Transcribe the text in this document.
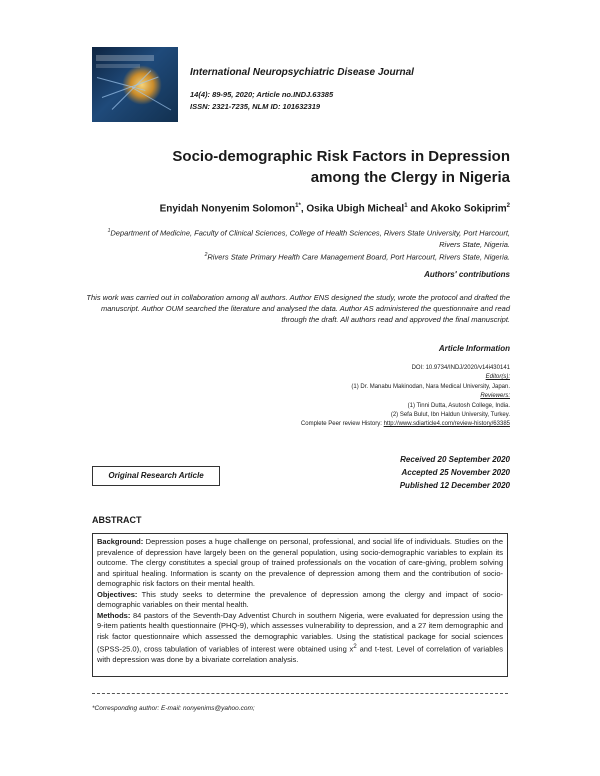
International Neuropsychiatric Disease Journal
14(4): 89-95, 2020; Article no.INDJ.63385
ISSN: 2321-7235, NLM ID: 101632319
Socio-demographic Risk Factors in Depression
among the Clergy in Nigeria
Enyidah Nonyenim Solomon$^{1*}$, Osika Ubigh Micheal$^1$ and Akoko Sokiprim$^2$
$^1$Department of Medicine, Faculty of Clinical Sciences, College of Health Sciences, Rivers State University, Port Harcourt, Rivers State, Nigeria.
$^2$Rivers State Primary Health Care Management Board, Port Harcourt, Rivers State, Nigeria.
Authors' contributions
This work was carried out in collaboration among all authors. Author ENS designed the study, wrote the protocol and drafted the manuscript. Author OUM searched the literature and analysed the data. Author AS administered the questionnaire and read through the draft. All authors read and approved the final manuscript.
Article Information
DOI: 10.9734/INDJ/2020/v14i430141
Editor(s):
(1) Dr. Manabu Makinodan, Nara Medical University, Japan.
Reviewers:
(1) Tinni Dutta, Asutosh College, India.
(2) Sefa Bulut, Ibn Haldun University, Turkey.
Complete Peer review History: http://www.sdiarticle4.com/review-history/63385
Received 20 September 2020
Accepted 25 November 2020
Published 12 December 2020
Original Research Article
ABSTRACT

Background: Depression poses a huge challenge on personal, professional, and social life of individuals. Studies on the prevalence of depression have largely been on the general population, using socio-demographic variables to explain its outcome. The clergy constitutes a special group of trained professionals on the vocation of care-giving, problem solving and spiritual healing. Information is scanty on the prevalence of depression among them and the contribution of socio-demographic risk factors on their mental health.

Objectives: This study seeks to determine the prevalence of depression among the clergy and impact of socio-demographic variables on their mental health.

Methods: 84 pastors of the Seventh-Day Adventist Church in southern Nigeria, were evaluated for depression using the 9-item patients health questionnaire (PHQ-9), which assesses vulnerability to depression, and a 27 item demographic and risk factor questionnaire which assessed the demographic variables. Using the statistical package for social sciences (SPSS-25.0), cross tabulation of variables of interest were obtained using $x^2$ and t-test. Level of correlation of variables with depression was done by a bivariate correlation analysis.

*Corresponding author: E-mail: nonyenims@yahoo.com;
